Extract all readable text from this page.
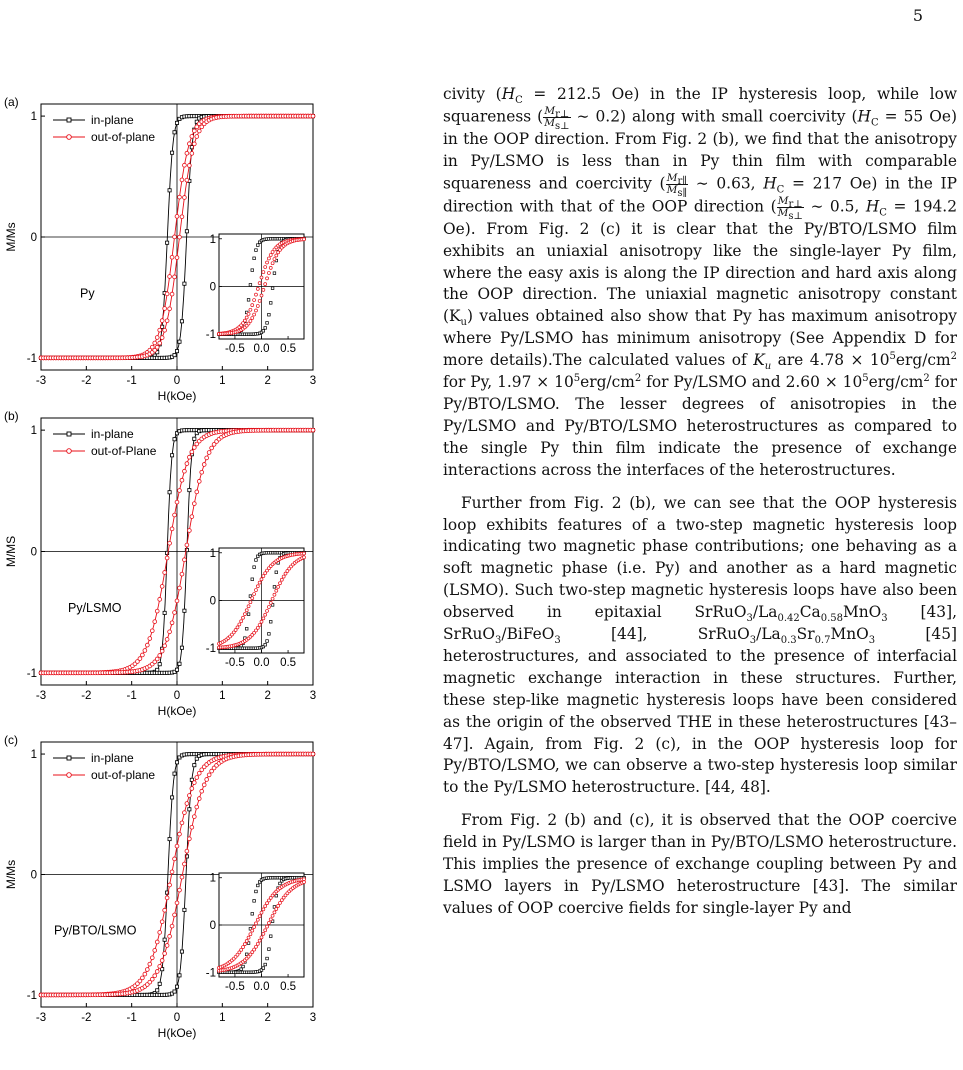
5
-3	-2	-1	0	1	2	3
-1
0
1
H(kOe)
M/Ms
(a)
Py
in-plane
out-of-plane
-0.5 0.0 0.5
-1
0
1
-3	-2	-1	0	1	2	3
-1
0
1
H(kOe)
M/MS
(b)
Py/LSMO
in-plane
out-of-Plane
-0.5 0.0 0.5
-1
0
1
-3	-2	-1	0	1	2	3
-1
0
1
H(kOe)
M/Ms
(c)
Py/BTO/LSMO
in-plane
out-of-plane
-0.5 0.0 0.5
-1
0
1

civity ($H_C = 212.5$ Oe) in the IP hysteresis loop, while low squareness ( $\frac{M_{r\perp}}{M_{s\perp}}$ ∼ 0.2) along with small coercivity ($H_C = 55$ Oe) in the OOP direction. From Fig. 2 (b), we find that the anisotropy in Py/LSMO is less than in Py thin film with comparable squareness and coercivity ( $\frac{M_{r\parallel}}{M_{s\parallel}}$ ∼ 0.63, $H_C = 217$ Oe) in the IP direction with that of the OOP direction ( $\frac{M_{r\perp}}{M_{s\perp}}$ ∼ 0.5, $H_C = 194.2$ Oe). From Fig. 2 (c) it is clear that the Py/BTO/LSMO film exhibits an uniaxial anisotropy like the single-layer Py film, where the easy axis is along the IP direction and hard axis along the OOP direction. The uniaxial magnetic anisotropy constant $(K_u)$ values obtained also show that Py has maximum anisotropy where Py/LSMO has minimum anisotropy (See Appendix D for more details).The calculated values of $K_u$ are $4.78 \times 10^5erg/cm^2$ for Py, $1.97 \times 10^5erg/cm^2$ for Py/LSMO and $2.60 \times 10^5erg/cm^2$ for Py/BTO/LSMO. The lesser degrees of anisotropies in the Py/LSMO and Py/BTO/LSMO heterostructures as compared to the single Py thin film indicate the presence of exchange interactions across the interfaces of the heterostructures.

Further from Fig. 2 (b), we can see that the OOP hysteresis loop exhibits features of a two-step magnetic hysteresis loop indicating two magnetic phase contributions; one behaving as a soft magnetic phase (i.e. Py) and another as a hard magnetic (LSMO). Such two-step magnetic hysteresis loops have also been observed in epitaxial $SrRuO_3/La_{0.42}Ca_{0.58}MnO_3$ [43], SrRuO$_3$/BiFeO$_3$ [44], $SrRuO_3/La_{0.3}Sr_{0.7}MnO_3$ [45] heterostructures, and associated to the presence of interfacial magnetic exchange interaction in these structures. Further, these step-like magnetic hysteresis loops have been considered as the origin of the observed THE in these heterostructures [43–47]. Again, from Fig. 2 (c), in the OOP hysteresis loop for Py/BTO/LSMO, we can observe a two-step hysteresis loop similar to the Py/LSMO heterostructure. [44, 48].

From Fig. 2 (b) and (c), it is observed that the OOP coercive field in Py/LSMO is larger than in Py/BTO/LSMO heterostructure. This implies the presence of exchange coupling between Py and LSMO layers in Py/LSMO heterostructure [43]. The similar values of OOP coercive fields for single-layer Py and
